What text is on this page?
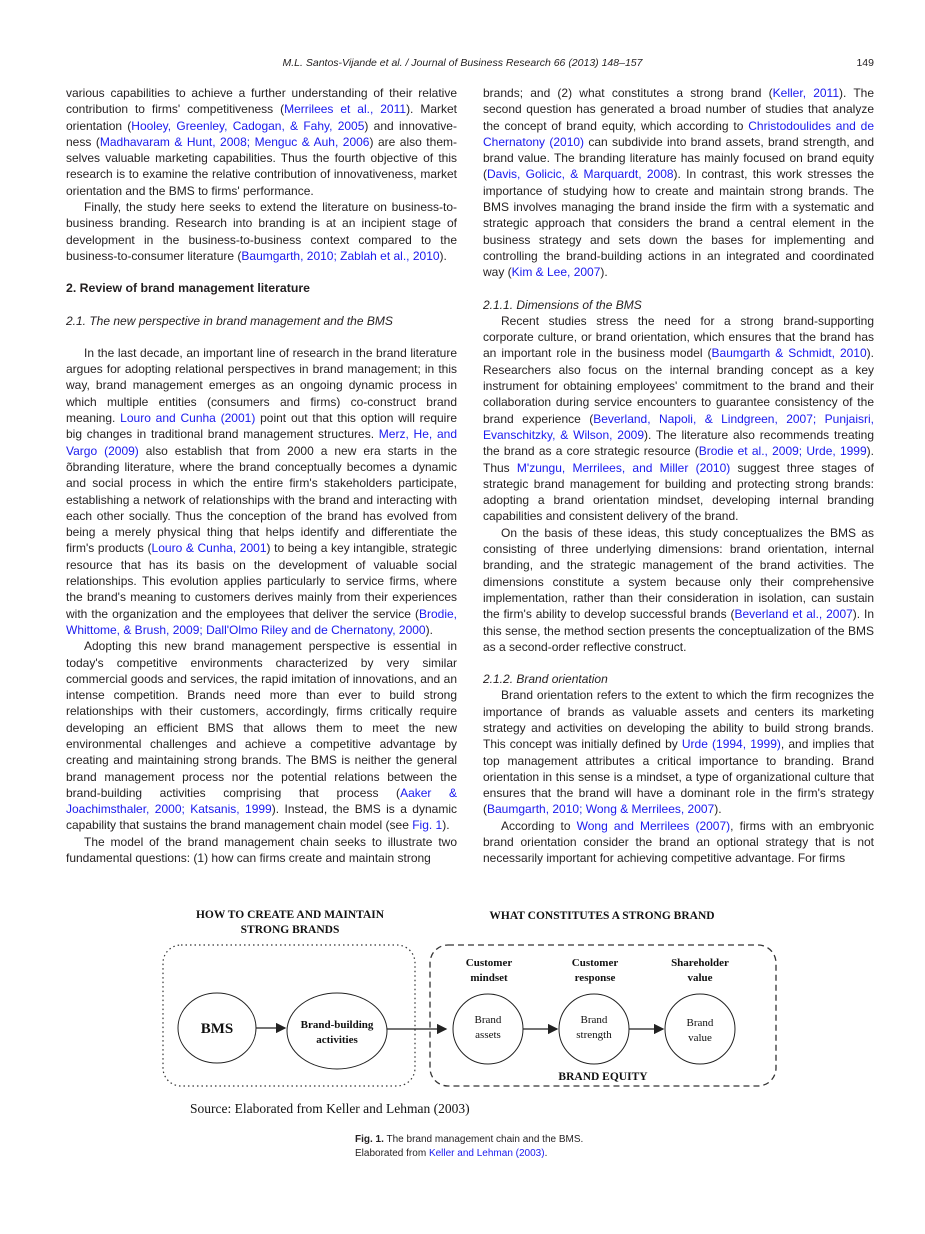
M.L. Santos-Vijande et al. / Journal of Business Research 66 (2013) 148–157	149

various capabilities to achieve a further understanding of their relative contribution to firms' competitiveness (Merrilees et al., 2011). Market orientation (Hooley, Greenley, Cadogan, & Fahy, 2005) and innovativeness (Madhavaram & Hunt, 2008; Menguc & Auh, 2006) are also themselves valuable marketing capabilities. Thus the fourth objective of this research is to examine the relative contribution of innovativeness, market orientation and the BMS to firms' performance.

Finally, the study here seeks to extend the literature on business-to-business branding. Research into branding is at an incipient stage of development in the business-to-business context compared to the business-to-consumer literature (Baumgarth, 2010; Zablah et al., 2010).

2. Review of brand management literature
2.1. The new perspective in brand management and the BMS

In the last decade, an important line of research in the brand literature argues for adopting relational perspectives in brand management; in this way, brand management emerges as an ongoing dynamic process in which multiple entities (consumers and firms) co-construct brand meaning. Louro and Cunha (2001) point out that this option will require big changes in traditional brand management structures. Merz, He, and Vargo (2009) also establish that from 2000 a new era starts in the õbranding literature, where the brand conceptually becomes a dynamic and social process in which the entire firm's stakeholders participate, establishing a network of relationships with the brand and interacting with each other socially. Thus the conception of the brand has evolved from being a merely physical thing that helps identify and differentiate the firm's products (Louro & Cunha, 2001) to being a key intangible, strategic resource that has its basis on the development of valuable social relationships. This evolution applies particularly to service firms, where the brand's meaning to customers derives mainly from their experiences with the organization and the employees that deliver the service (Brodie, Whittome, & Brush, 2009; Dall'Olmo Riley and de Chernatony, 2000).

Adopting this new brand management perspective is essential in today's competitive environments characterized by very similar commercial goods and services, the rapid imitation of innovations, and an intense competition. Brands need more than ever to build strong relationships with their customers, accordingly, firms critically require developing an efficient BMS that allows them to meet the new environmental challenges and achieve a competitive advantage by creating and maintaining strong brands. The BMS is neither the general brand management process nor the potential relations between the brand-building activities comprising that process (Aaker & Joachimsthaler, 2000; Katsanis, 1999). Instead, the BMS is a dynamic capability that sustains the brand management chain model (see Fig. 1).

The model of the brand management chain seeks to illustrate two fundamental questions: (1) how can firms create and maintain strong

brands; and (2) what constitutes a strong brand (Keller, 2011). The second question has generated a broad number of studies that analyze the concept of brand equity, which according to Christodoulides and de Chernatony (2010) can subdivide into brand assets, brand strength, and brand value. The branding literature has mainly focused on brand equity (Davis, Golicic, & Marquardt, 2008). In contrast, this work stresses the importance of studying how to create and maintain strong brands. The BMS involves managing the brand inside the firm with a systematic and strategic approach that considers the brand a central element in the business strategy and sets down the bases for implementing and controlling the brand-building actions in an integrated and coordinated way (Kim & Lee, 2007).

2.1.1. Dimensions of the BMS

Recent studies stress the need for a strong brand-supporting corporate culture, or brand orientation, which ensures that the brand has an important role in the business model (Baumgarth & Schmidt, 2010). Researchers also focus on the internal branding concept as a key instrument for obtaining employees' commitment to the brand and their collaboration during service encounters to guarantee consistency of the brand experience (Beverland, Napoli, & Lindgreen, 2007; Punjaisri, Evanschitzky, & Wilson, 2009). The literature also recommends treating the brand as a core strategic resource (Brodie et al., 2009; Urde, 1999). Thus M'zungu, Merrilees, and Miller (2010) suggest three stages of strategic brand management for building and protecting strong brands: adopting a brand orientation mindset, developing internal branding capabilities and consistent delivery of the brand.

On the basis of these ideas, this study conceptualizes the BMS as consisting of three underlying dimensions: brand orientation, internal branding, and the strategic management of the brand activities. The dimensions constitute a system because only their comprehensive implementation, rather than their consideration in isolation, can sustain the firm's ability to develop successful brands (Beverland et al., 2007). In this sense, the method section presents the conceptualization of the BMS as a second-order reflective construct.

2.1.2. Brand orientation

Brand orientation refers to the extent to which the firm recognizes the importance of brands as valuable assets and centers its marketing strategy and activities on developing the ability to build strong brands. This concept was initially defined by Urde (1994, 1999), and implies that top management attributes a critical importance to branding. Brand orientation in this sense is a mindset, a type of organizational culture that ensures that the brand will have a dominant role in the firm's strategy (Baumgarth, 2010; Wong & Merrilees, 2007).

According to Wong and Merrilees (2007), firms with an embryonic brand orientation consider the brand an optional strategy that is not necessarily important for achieving competitive advantage. For firms

HOW TO CREATE AND MAINTAIN
STRONG BRANDS
WHAT CONSTITUTES A STRONG BRAND
BMS	Brand-building
activities
Customer
mindset
Customer
response
Shareholder
value
Brand
assets
Brand
strength
Brand
value
BRAND EQUITY
Source: Elaborated from Keller and Lehman (2003)
Fig. 1. The brand management chain and the BMS.
Elaborated from Keller and Lehman (2003).
